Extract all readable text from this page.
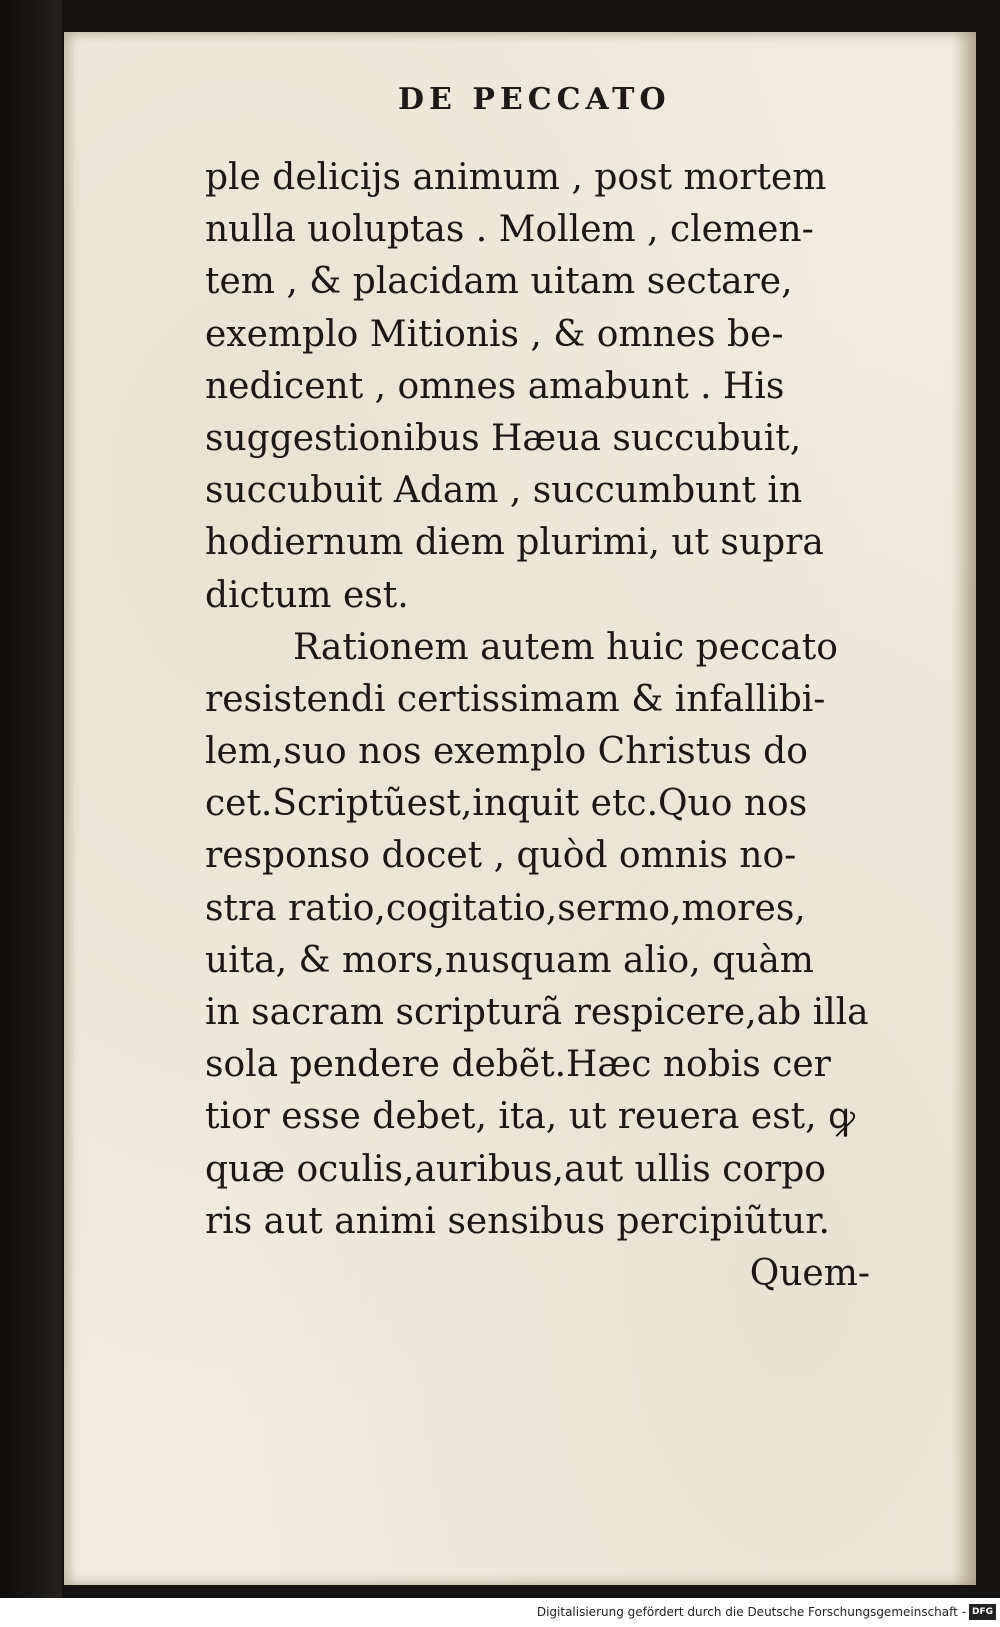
DE PECCATO
ple delicijs animum , post mortem
nulla uoluptas . Mollem , clemen-
tem , & placidam uitam sectare,
exemplo Mitionis , & omnes be-
nedicent , omnes amabunt . His
suggestionibus Hæua succubuit,
succubuit Adam , succumbunt in
hodiernum diem plurimi, ut supra
dictum est.
Rationem autem huic peccato
resistendi certissimam & infallibi-
lem,suo nos exemplo Christus do
cet.Scriptũest,inquit etc.Quo nos
responso docet , quòd omnis no-
stra ratio,cogitatio,sermo,mores,
uita, & mors,nusquam alio, quàm
in sacram scripturã respicere,ab illa
sola pendere debẽt.Hæc nobis cer
tior esse debet, ita, ut reuera est, ꝙ
quæ oculis,auribus,aut ullis corpo
ris aut animi sensibus percipiũtur.
Quem-
Digitalisierung gefördert durch die Deutsche Forschungsgemeinschaft - DFG
